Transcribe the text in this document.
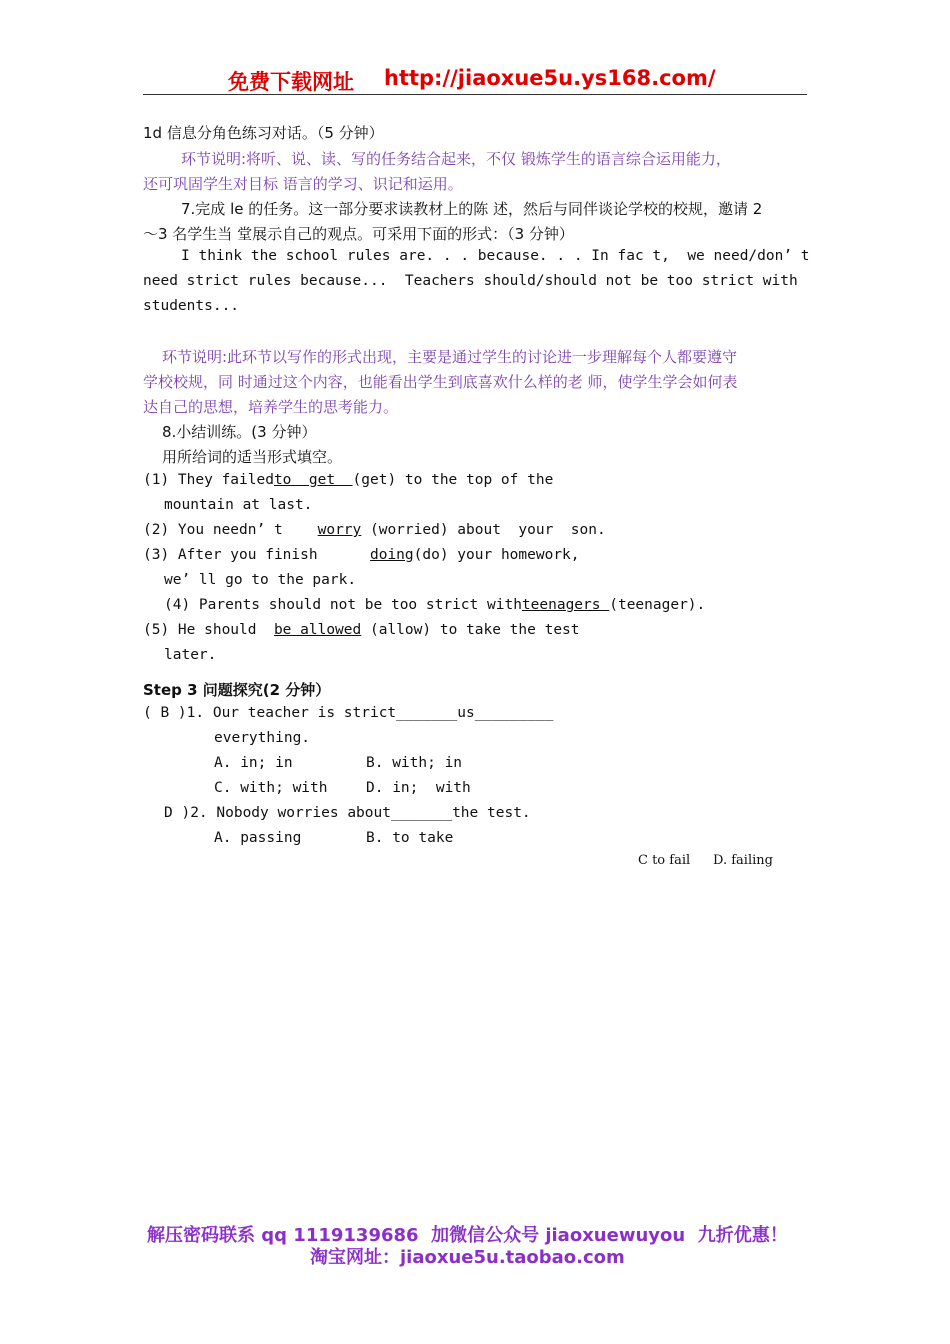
免费下载网址 http://jiaoxue5u.ys168.com/
1d 信息分角色练习对话。（5 分钟）
环节说明:将听、说、读、写的任务结合起来，不仅 锻炼学生的语言综合运用能力，
还可巩固学生对目标 语言的学习、识记和运用。
7.完成 le 的任务。这一部分要求读教材上的陈 述，然后与同伴谈论学校的校规，邀请 2
〜3 名学生当 堂展示自己的观点。可采用下面的形式：（3 分钟）
I think the school rules are. . . because. . . In fac t,  we need/don’ t
need strict rules because...  Teachers should/should not be too strict with
students...
环节说明:此环节以写作的形式出现，主要是通过学生的讨论进一步理解每个人都要遵守
学校校规，同 时通过这个内容，也能看出学生到底喜欢什么样的老 师，使学生学会如何表
达自己的思想，培养学生的思考能力。
8.小结训练。(3 分钟）
用所给词的适当形式填空。
(1) They failedto  get  (get) to the top of the
mountain at last.
(2) You needn’ t    worry (worried) about  your  son.
(3) After you finish      doing(do) your homework,
we’ ll go to the park.
(4) Parents should not be too strict withteenagers (teenager).
(5) He should  be allowed (allow) to take the test
later.
Step 3 问题探究(2 分钟）
( B )1. Our teacher is strict_______us_________
everything.
A. in; in	B. with; in
C. with; with	D. in;  with
D )2. Nobody worries about_______the test.
A. passing	B. to take
C to fail D. failing
解压密码联系 qq 1119139686  加微信公众号 jiaoxuewuyou  九折优惠！
淘宝网址：jiaoxue5u.taobao.com
